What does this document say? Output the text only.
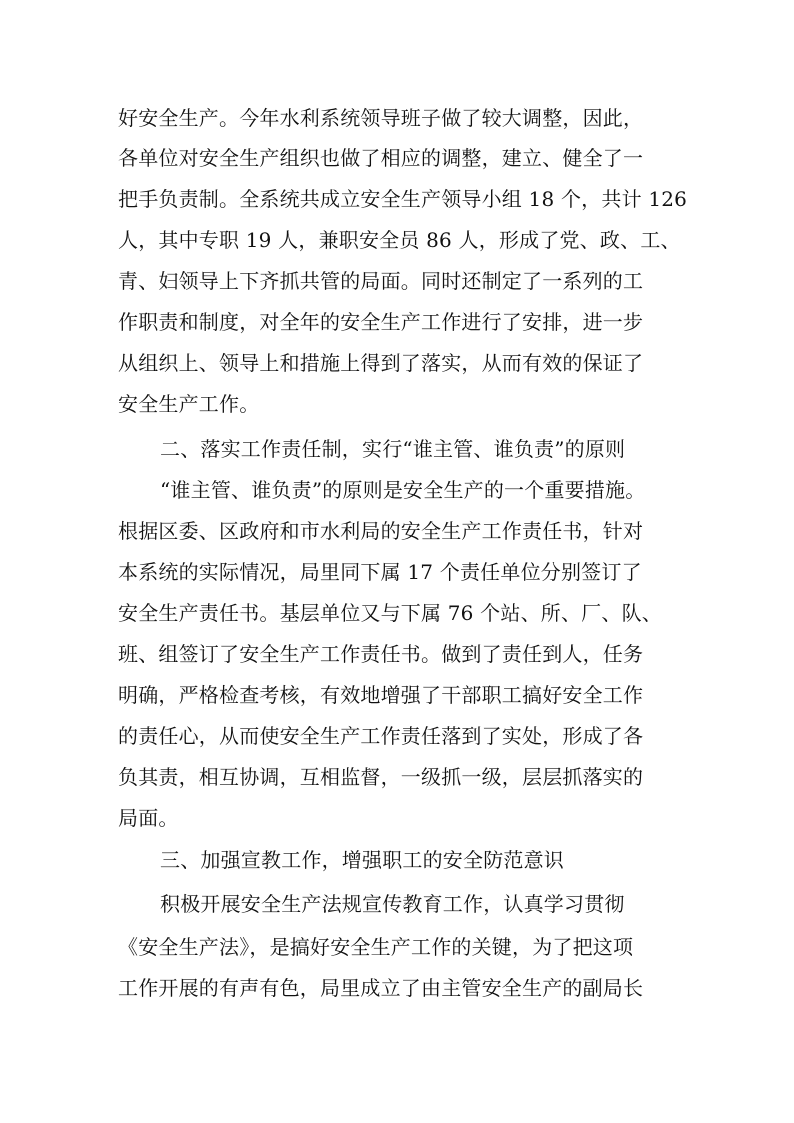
好安全生产。今年水利系统领导班子做了较大调整，因此，
各单位对安全生产组织也做了相应的调整，建立、健全了一
把手负责制。全系统共成立安全生产领导小组 18 个，共计 126
人，其中专职 19 人，兼职安全员 86 人，形成了党、政、工、
青、妇领导上下齐抓共管的局面。同时还制定了一系列的工
作职责和制度，对全年的安全生产工作进行了安排，进一步
从组织上、领导上和措施上得到了落实，从而有效的保证了
安全生产工作。
二、落实工作责任制，实行“谁主管、谁负责”的原则
“谁主管、谁负责”的原则是安全生产的一个重要措施。
根据区委、区政府和市水利局的安全生产工作责任书，针对
本系统的实际情况，局里同下属 17 个责任单位分别签订了
安全生产责任书。基层单位又与下属 76 个站、所、厂、队、
班、组签订了安全生产工作责任书。做到了责任到人，任务
明确，严格检查考核，有效地增强了干部职工搞好安全工作
的责任心，从而使安全生产工作责任落到了实处，形成了各
负其责，相互协调，互相监督，一级抓一级，层层抓落实的
局面。
三、加强宣教工作，增强职工的安全防范意识
积极开展安全生产法规宣传教育工作，认真学习贯彻
《安全生产法》，是搞好安全生产工作的关键，为了把这项
工作开展的有声有色，局里成立了由主管安全生产的副局长
